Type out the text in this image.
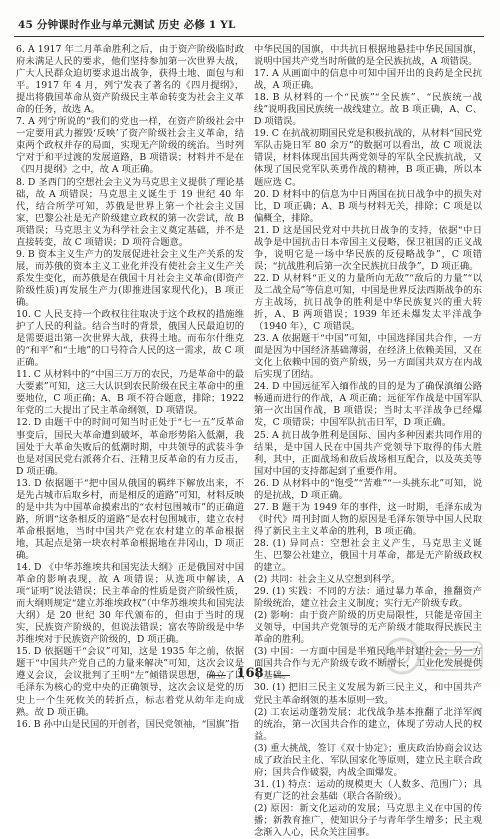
45 分钟课时作业与单元测试 历史 必修 1 YL

6. A 1917 年二月革命胜利之后，由于资产阶级临时政府未满足人民的要求，他们坚持参加第一次世界大战，广大人民群众迫切要求退出战争，获得土地、面包与和平。1917 年 4 月，列宁发表了著名的《四月提纲》，提出将俄国革命从资产阶级民主革命转变为社会主义革命的任务，故选 A。

7. A 列宁所说的“我们的党也一样，在资产阶级社会中一定要用武力摧毁‘反映’了资产阶级社会主义革命，结束两个政权并存的局面，实现无产阶级的统治。当时列宁对于和平过渡的发展道路，B 项错误；材料并不是在《四月提纲》之中，故 A 项正确。

8. D 圣西门的空想社会主义为马克思主义提供了理论基础，故 A 项错误；马克思主义诞生于 19 世纪 40 年代，结合所学可知，苏俄是世界上第一个社会主义国家，巴黎公社是无产阶级建立政权的第一次尝试，故 B 项错误；马克思主义为科学社会主义奠定基础，并不是直接转变，故 C 项错误；D 项符合题意。

9. B 资本主义生产力的发展促进社会主义生产关系的发展，而苏俄的资本主义工业化并没有使社会主义生产关系发生变化，而苏俄是在俄国十月社会主义革命(即资产阶级性质)再发展生产力(即推进国家现代化)，B 项正确。

10. C 人民支持一个政权往往取决于这个政权的措施维护了人民的利益。结合当时的背景，俄国人民最迫切的是需要退出第一次世界大战，获得土地。而布尔什维克的“和平”和“土地”的口号符合人民的这一需求，故 C 项正确。

11. C 从材料中的“中国三万万的农民，乃是革命中的最大要素”可知，这三大认识到农民阶级在民主革命中的重要地位，C 项正确；A、B 项不符合题意，排除；1922 年党的二大提出了民主革命纲领，D 项错误。

12. D 由题干中的时间可知当时正处于“七一五”反革命事变后，国民大革命遭到破坏，革命形势陷入低潮，我国处于大革命失败后的低潮时期，中共领导的武装斗争也是对国民党右派蒋介石、汪精卫反革命的有力反击，D 项正确。

13. D 依据题干“把中国从俄国的羁绊下解放出来，不是先占城市后取乡村，而是相反的道路”可知，材料反映的是中共为中国革命摸索出的“农村包围城市”的正确道路，所谓“这条相反的道路”是农村包围城市，建立农村革命根据地，当时中国共产党在农村建立的革命根据地，其起点是第一块农村革命根据地在井冈山，D 项正确。

14. D 《中华苏维埃共和国宪法大纲》正是俄国对中国革命的影响表现，故 A 项错误；从选项中解读，A 项“证明”说法错误；民主革命的性质是资产阶级性质，而大纲则规定“建立苏维埃政权”（中华苏维埃共和国宪法大纲）是 20 世纪 30 年代颁布的，但由于当时的现实，民族资产阶级的，但说法错误；富农等阶级是中华苏维埃对于民族资产阶级的，D 项正确。

15. D 依据题干“会议”可知，这是 1935 年之前，依据题干“中国共产党自己的力量来解决”可知，这次会议是遵义会议，会议批判了王明“左”倾错误思想，确立了以毛泽东为核心的党中央的正确领导，这次会议是党的历史上一个生死攸关的转折点，标志着党从幼年走向成熟。故 D 项正确。

16. B 孙中山是民国的开创者，国民党领袖，“国旗”指

中华民国的国旗，中共抗日根据地悬挂中华民国国旗，说明中国共产党当时所做的是全民族抗战，A 项错误。

17. A 从画面中的信息中可知中国开出的良药是全民抗战，A 项正确。

18. B 从材料的一个“民族”“全民族”、“民族统一战线”说明我国民族统一战线建立。故 B 项正确，A、C、D 项错误。

19. C 在抗战初期国民党是积极抗战的，从材料“国民党军队击毙日军 80 余万”的数据可以看出，故 C 项说法错误，材料体现出国共两党领导的军队全民族抗战，又体现了国民党军队英勇作战的精神，B 项正确，所以本题应选 C。

20. D 材料中的信息为中日两国在抗日战争中的损失对比，D 项正确；A、B 项与材料无关，排除；C 项是以偏概全，排除。

21. D 这是国民党对中共抗日战争的支持，依据“中日战争是中国抗击日本帝国主义侵略，保卫祖国的正义战争，说明它是一场中华民族的反侵略战争”，C 项错误；“抗战胜利后第一次全民族抗日战争”，D 项正确。

22. D 从材料“正义的力量所向无敌”“敌后的力量”“以及二战全局”等信息可知，中国是世界反法西斯战争的东方主战场，抗日战争的胜利是中华民族复兴的重大转折，A、B 两项错误；1939 年还未爆发太平洋战争（1940 年），C 项错误。

23. A 依据题干“中国”可知，中国选择国共合作，一方面是因为中国经济基础薄弱，在经济上依赖美国，又在文化上依赖中国的资产阶级，另一方面国共双方在内战后实现了团结。

24. D 中国远征军入缅作战的目的是为了确保滇缅公路畅通而进行的作战，A 项正确；远征军作战是中国军队第一次出国作战，B 项错误；当时太平洋战争已经爆发，C 项错误；中国军队抗击日军，D 项正确。

25. A 抗日战争胜利是国际、国内多种因素共同作用的结果，是中国人民在中国共产党领导下取得的伟大胜利，其中，正面战场和敌后战场相互配合，以及英美等国对中国的支持都起到了重要作用。

26. D 从材料中的“饱受”“苦难”“一头挑东北”可知，说的是抗战，D 项正确。

27. B 题干为 1949 年的事件，这一时期，毛泽东成为《时代》周刊封面人物的原因是毛泽东领导中国人民取得了新民主主义革命的胜利，B 项正确。

28. (1) 异同点：空想社会主义产生，马克思主义诞生、巴黎公社建立，俄国十月革命，都是无产阶级政权的建立。

(2) 共同：社会主义从空想到科学。

29. (1) 实践：不同的方法：通过暴力革命，推翻资产阶级统治，建立社会主义制度；实行无产阶级专政。

(2) 影响：由于资产阶级的历史局限性，只能是帝国主义领导，中国共产党领导的无产阶级才能取得民族民主革命的胜利。

(3) 中国：一方面中国是半殖民地半封建社会；另一方面国共合作与无产阶级专政不断增长，工业化发展提供了基础。

30. (1) 把旧三民主义发展为新三民主义，和中国共产党民主革命纲领的基本原则一致。

(2) 工农运动蓬勃发展；北伐战争基本推翻了北洋军阀的统治，第一次国共合作的建立，体现了劳动人民的权益。

(3) 重大挑战，签订《双十协定》；重庆政治协商会议达成了政治民主化、军队国家化等原则，建立民主联合政府；国共合作破裂，内战全面爆发。

31. (1) 特点：运动的规模更大（人数多、范围广）；具有更广泛的社会基础（联合各阶级）。

(2) 原因：新文化运动的发展；马克思主义在中国的传播；新教育推广，使知识分子与青年学生增多；民主观念渐入人心，民众关注国事。

168
